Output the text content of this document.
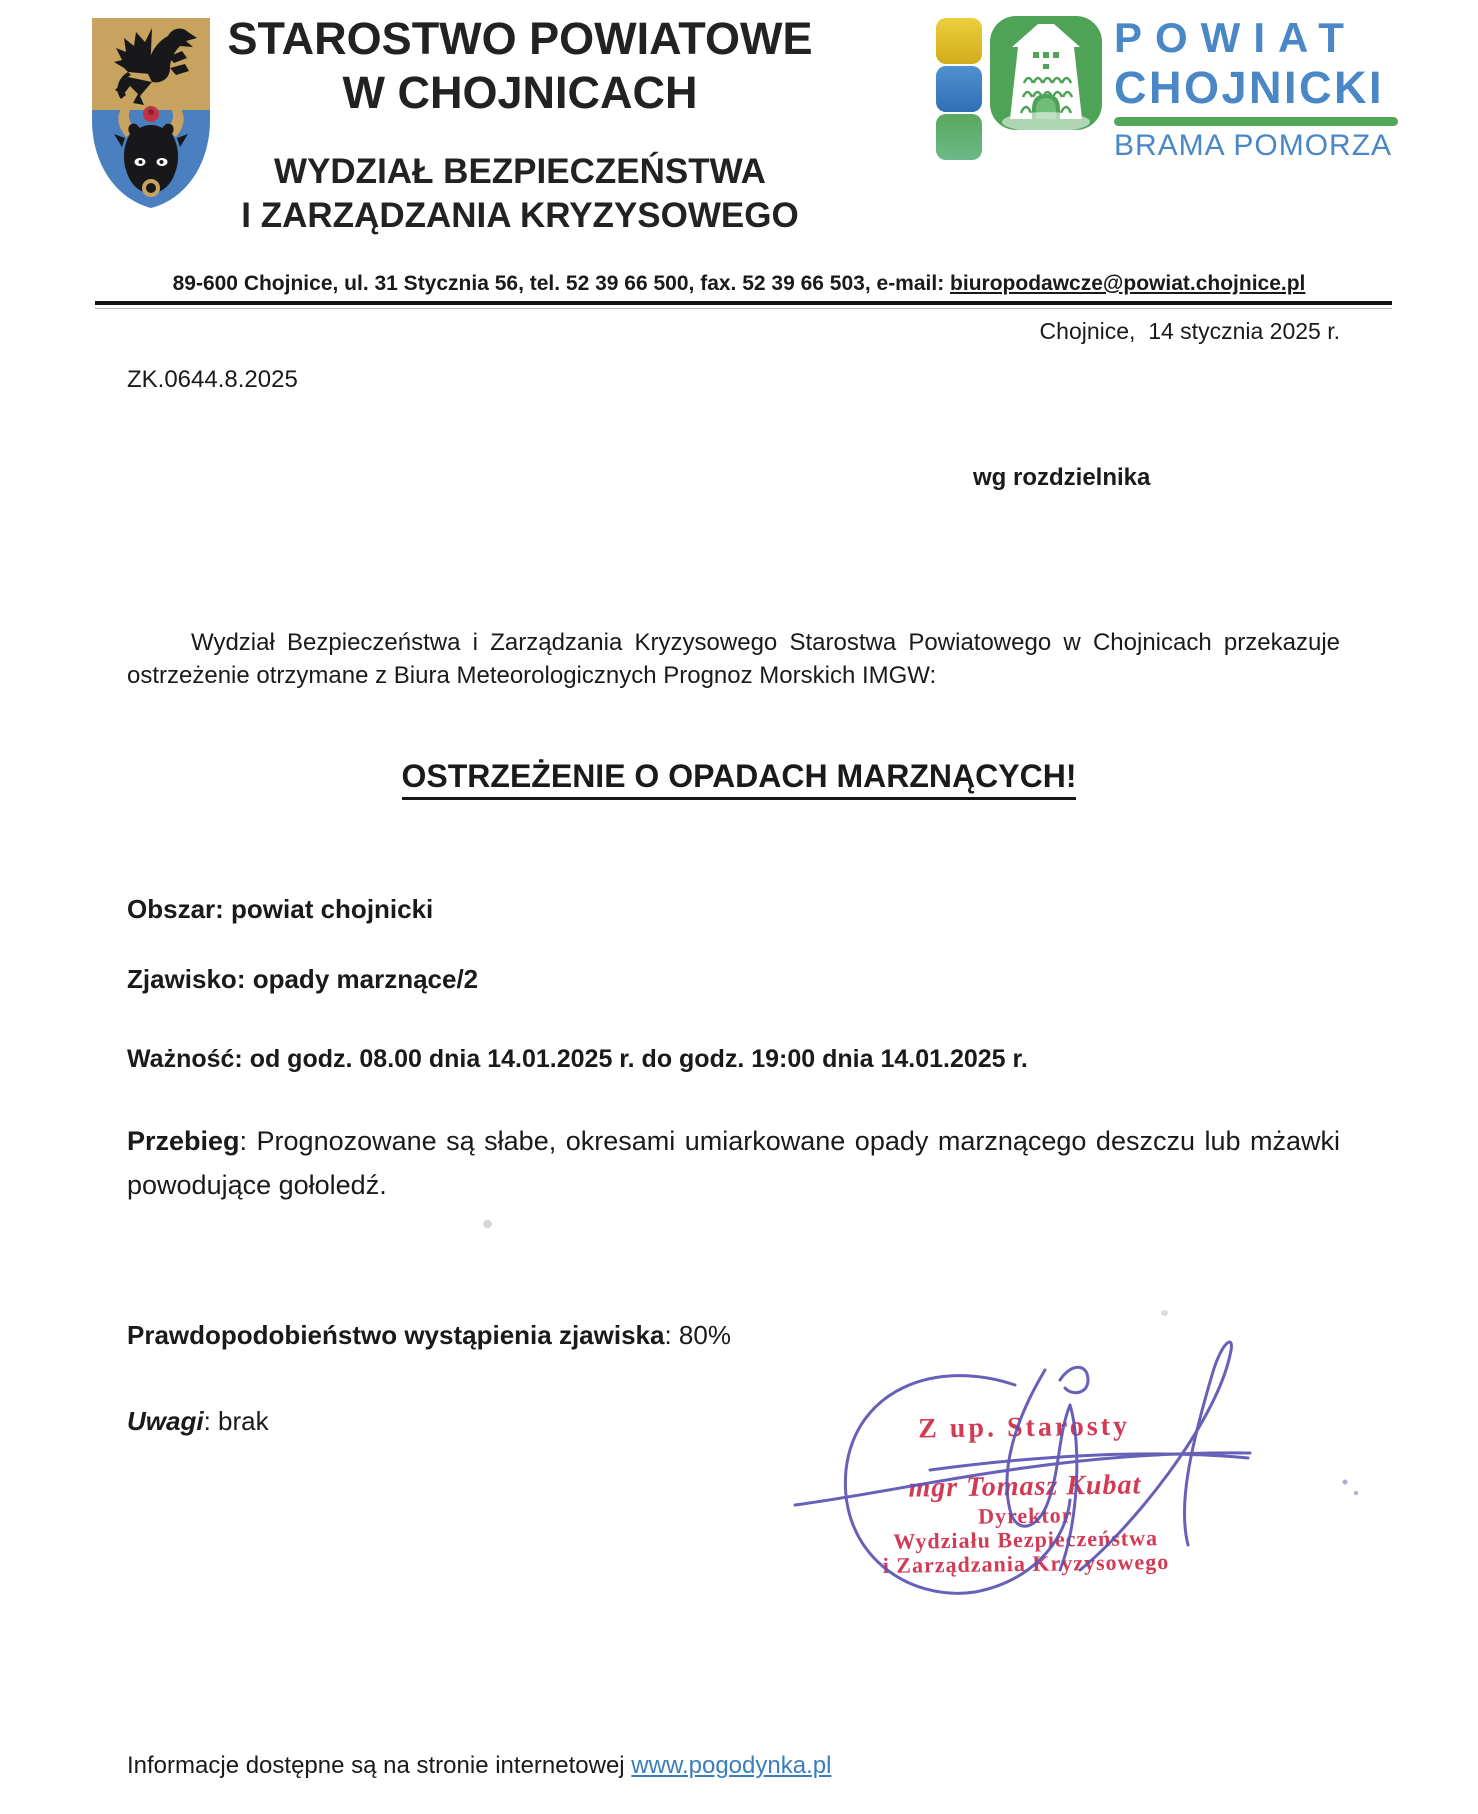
STAROSTWO POWIATOWE
W CHOJNICACH
WYDZIAŁ BEZPIECZEŃSTWA
I ZARZĄDZANIA KRYZYSOWEGO
POWIAT
CHOJNICKI
BRAMA POMORZA
89-600 Chojnice, ul. 31 Stycznia 56, tel. 52 39 66 500, fax. 52 39 66 503, e-mail: biuropodawcze@powiat.chojnice.pl
Chojnice,  14 stycznia 2025 r.
ZK.0644.8.2025
wg rozdzielnika

Wydział Bezpieczeństwa i Zarządzania Kryzysowego Starostwa Powiatowego w Chojnicach przekazuje ostrzeżenie otrzymane z Biura Meteorologicznych Prognoz Morskich IMGW:

OSTRZEŻENIE O OPADACH MARZNĄCYCH!

Obszar: powiat chojnicki

Zjawisko: opady marznące/2

Ważność: od godz. 08.00 dnia 14.01.2025 r. do godz. 19:00 dnia 14.01.2025 r.

Przebieg: Prognozowane są słabe, okresami umiarkowane opady marznącego deszczu lub mżawki powodujące gołoledź.

Prawdopodobieństwo wystąpienia zjawiska: 80%

Uwagi: brak	Z up. Starosty
mgr Tomasz Kubat
Dyrektor
Wydziału Bezpieczeństwa
i Zarządzania Kryzysowego
Informacje dostępne są na stronie internetowej www.pogodynka.pl
